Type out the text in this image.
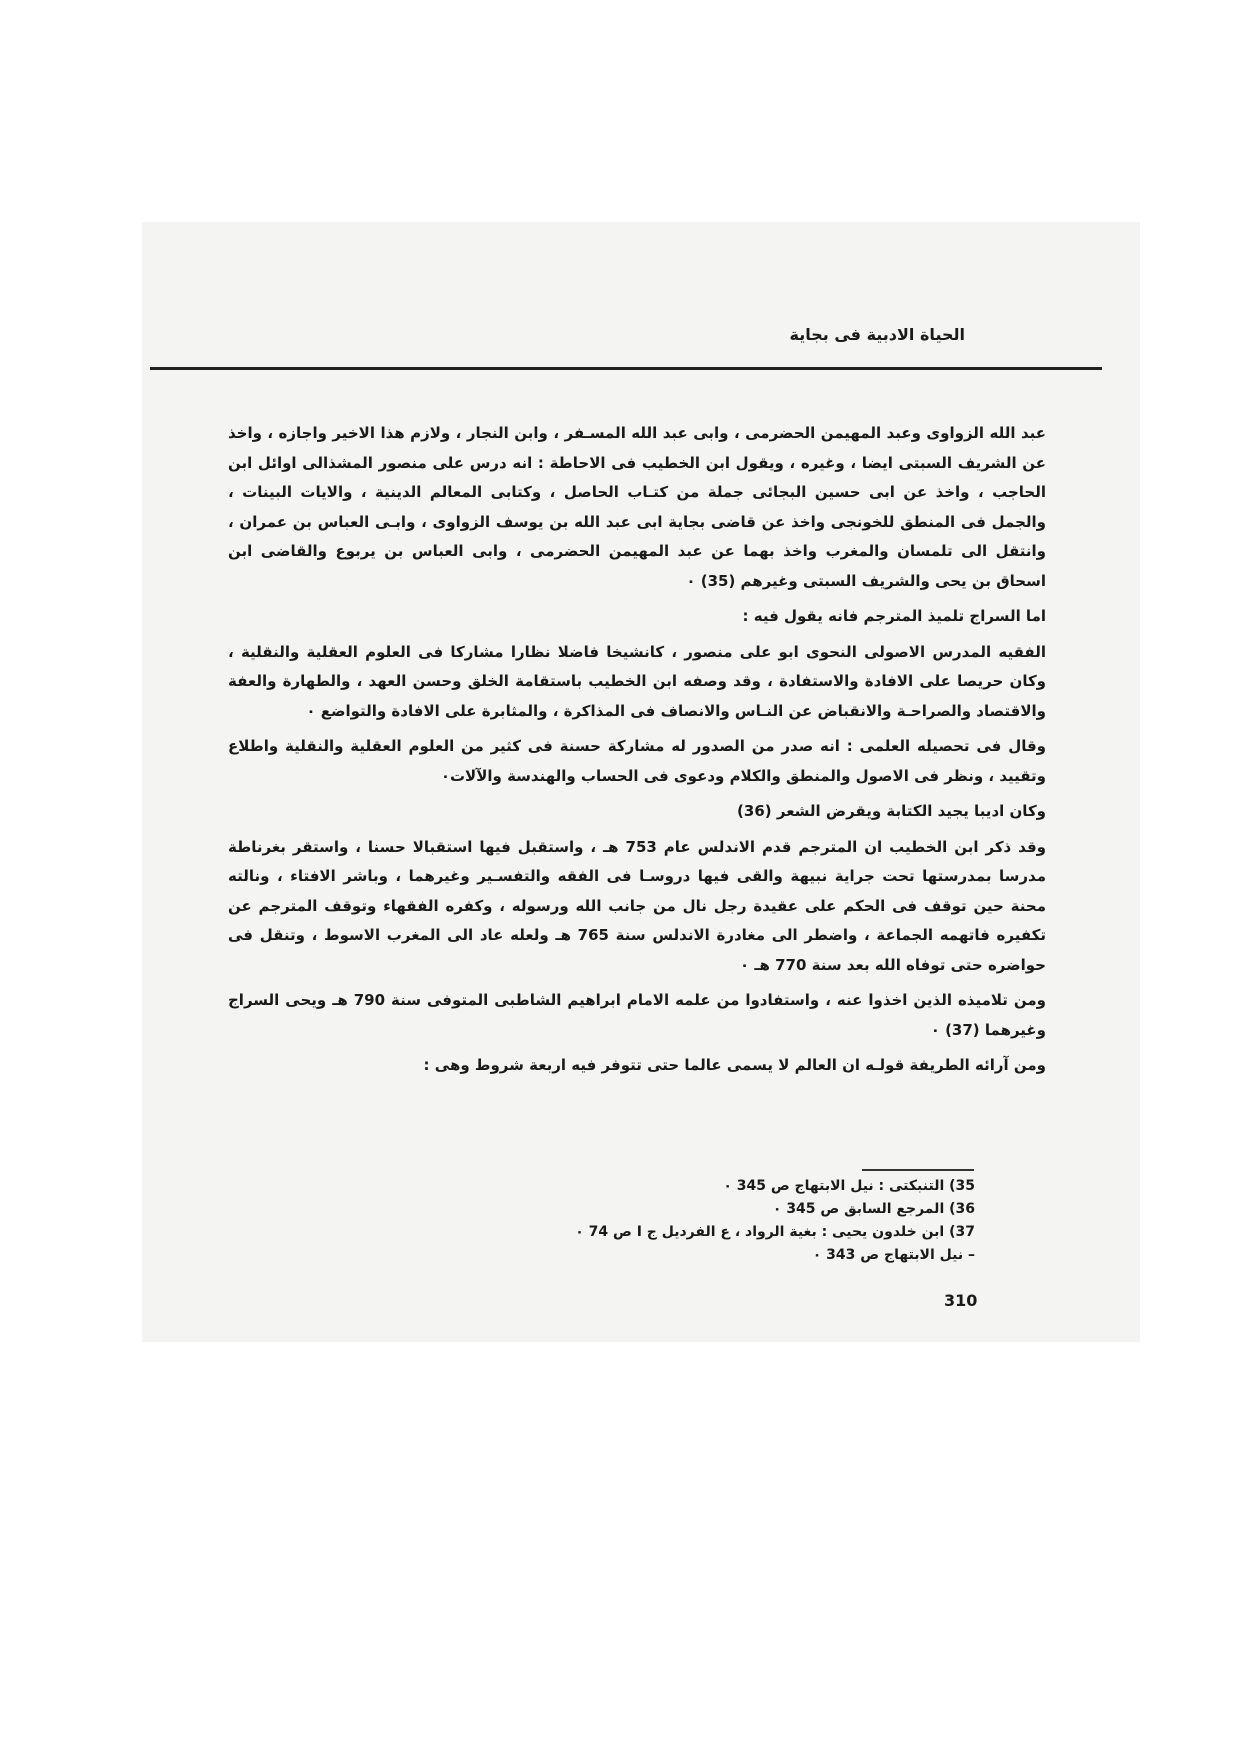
الحياة الادبية فى بجاية

عبد الله الزواوى وعبد المهيمن الحضرمى ، وابى عبد الله المسـفر ، وابن النجار ، ولازم هذا الاخير واجازه ، واخذ عن الشريف السبتى ايضا ، وغيره ، ويقول ابن الخطيب فى الاحاطة : انه درس على منصور المشذالى اوائل ابن الحاجب ، واخذ عن ابى حسين البجائى جملة من كتـاب الحاصل ، وكتابى المعالم الدينية ، والايات البينات ، والجمل فى المنطق للخونجى واخذ عن قاضى بجاية ابى عبد الله بن يوسف الزواوى ، وابـى العباس بن عمران ، وانتقل الى تلمسان والمغرب واخذ بهما عن عبد المهيمن الحضرمى ، وابى العباس بن يربوع والقاضى ابن اسحاق بن يحى والشريف السبتى وغيرهم (35) ٠

اما السراج تلميذ المترجم فانه يقول فيه :

الفقيه المدرس الاصولى النحوى ابو على منصور ، كانشيخا فاضلا نظارا مشاركا فى العلوم العقلية والنقلية ، وكان حريصا على الافادة والاستفادة ، وقد وصفه ابن الخطيب باستقامة الخلق وحسن العهد ، والطهارة والعفة والاقتصاد والصراحـة والانقباض عن النـاس والانصاف فى المذاكرة ، والمثابرة على الافادة والتواضع ٠

وقال فى تحصيله العلمى : انه صدر من الصدور له مشاركة حسنة فى كثير من العلوم العقلية والنقلية واطلاع وتقييد ، ونظر فى الاصول والمنطق والكلام ودعوى فى الحساب والهندسة والآلات٠

وكان اديبا يجيد الكتابة ويقرض الشعر (36)

وقد ذكر ابن الخطيب ان المترجم قدم الاندلس عام 753 هـ ، واستقبل فيها استقبالا حسنا ، واستقر بغرناطة مدرسا بمدرستها تحت جراية نبيهة والقى فيها دروسـا فى الفقه والتفسـير وغيرهما ، وباشر الافتاء ، ونالته محنة حين توقف فى الحكم على عقيدة رجل نال من جانب الله ورسوله ، وكفره الفقهاء وتوقف المترجم عن تكفيره فاتهمه الجماعة ، واضطر الى مغادرة الاندلس سنة 765 هـ ولعله عاد الى المغرب الاسوط ، وتنقل فى حواضره حتى توفاه الله بعد سنة 770 هـ ٠

ومن تلاميذه الذين اخذوا عنه ، واستفادوا من علمه الامام ابراهيم الشاطبى المتوفى سنة 790 هـ ويحى السراج وغيرهما (37) ٠

ومن آرائه الطريفة قولـه ان العالم لا يسمى عالما حتى تتوفر فيه اربعة شروط وهى :

35) التنبكتى : نيل الابتهاج ص 345 ٠
36) المرجع السابق ص 345 ٠
37) ابن خلدون يحيى : بغية الرواد ، ع الفرديل ج I ص 74 ٠
– نيل الابتهاج ص 343 ٠
310
